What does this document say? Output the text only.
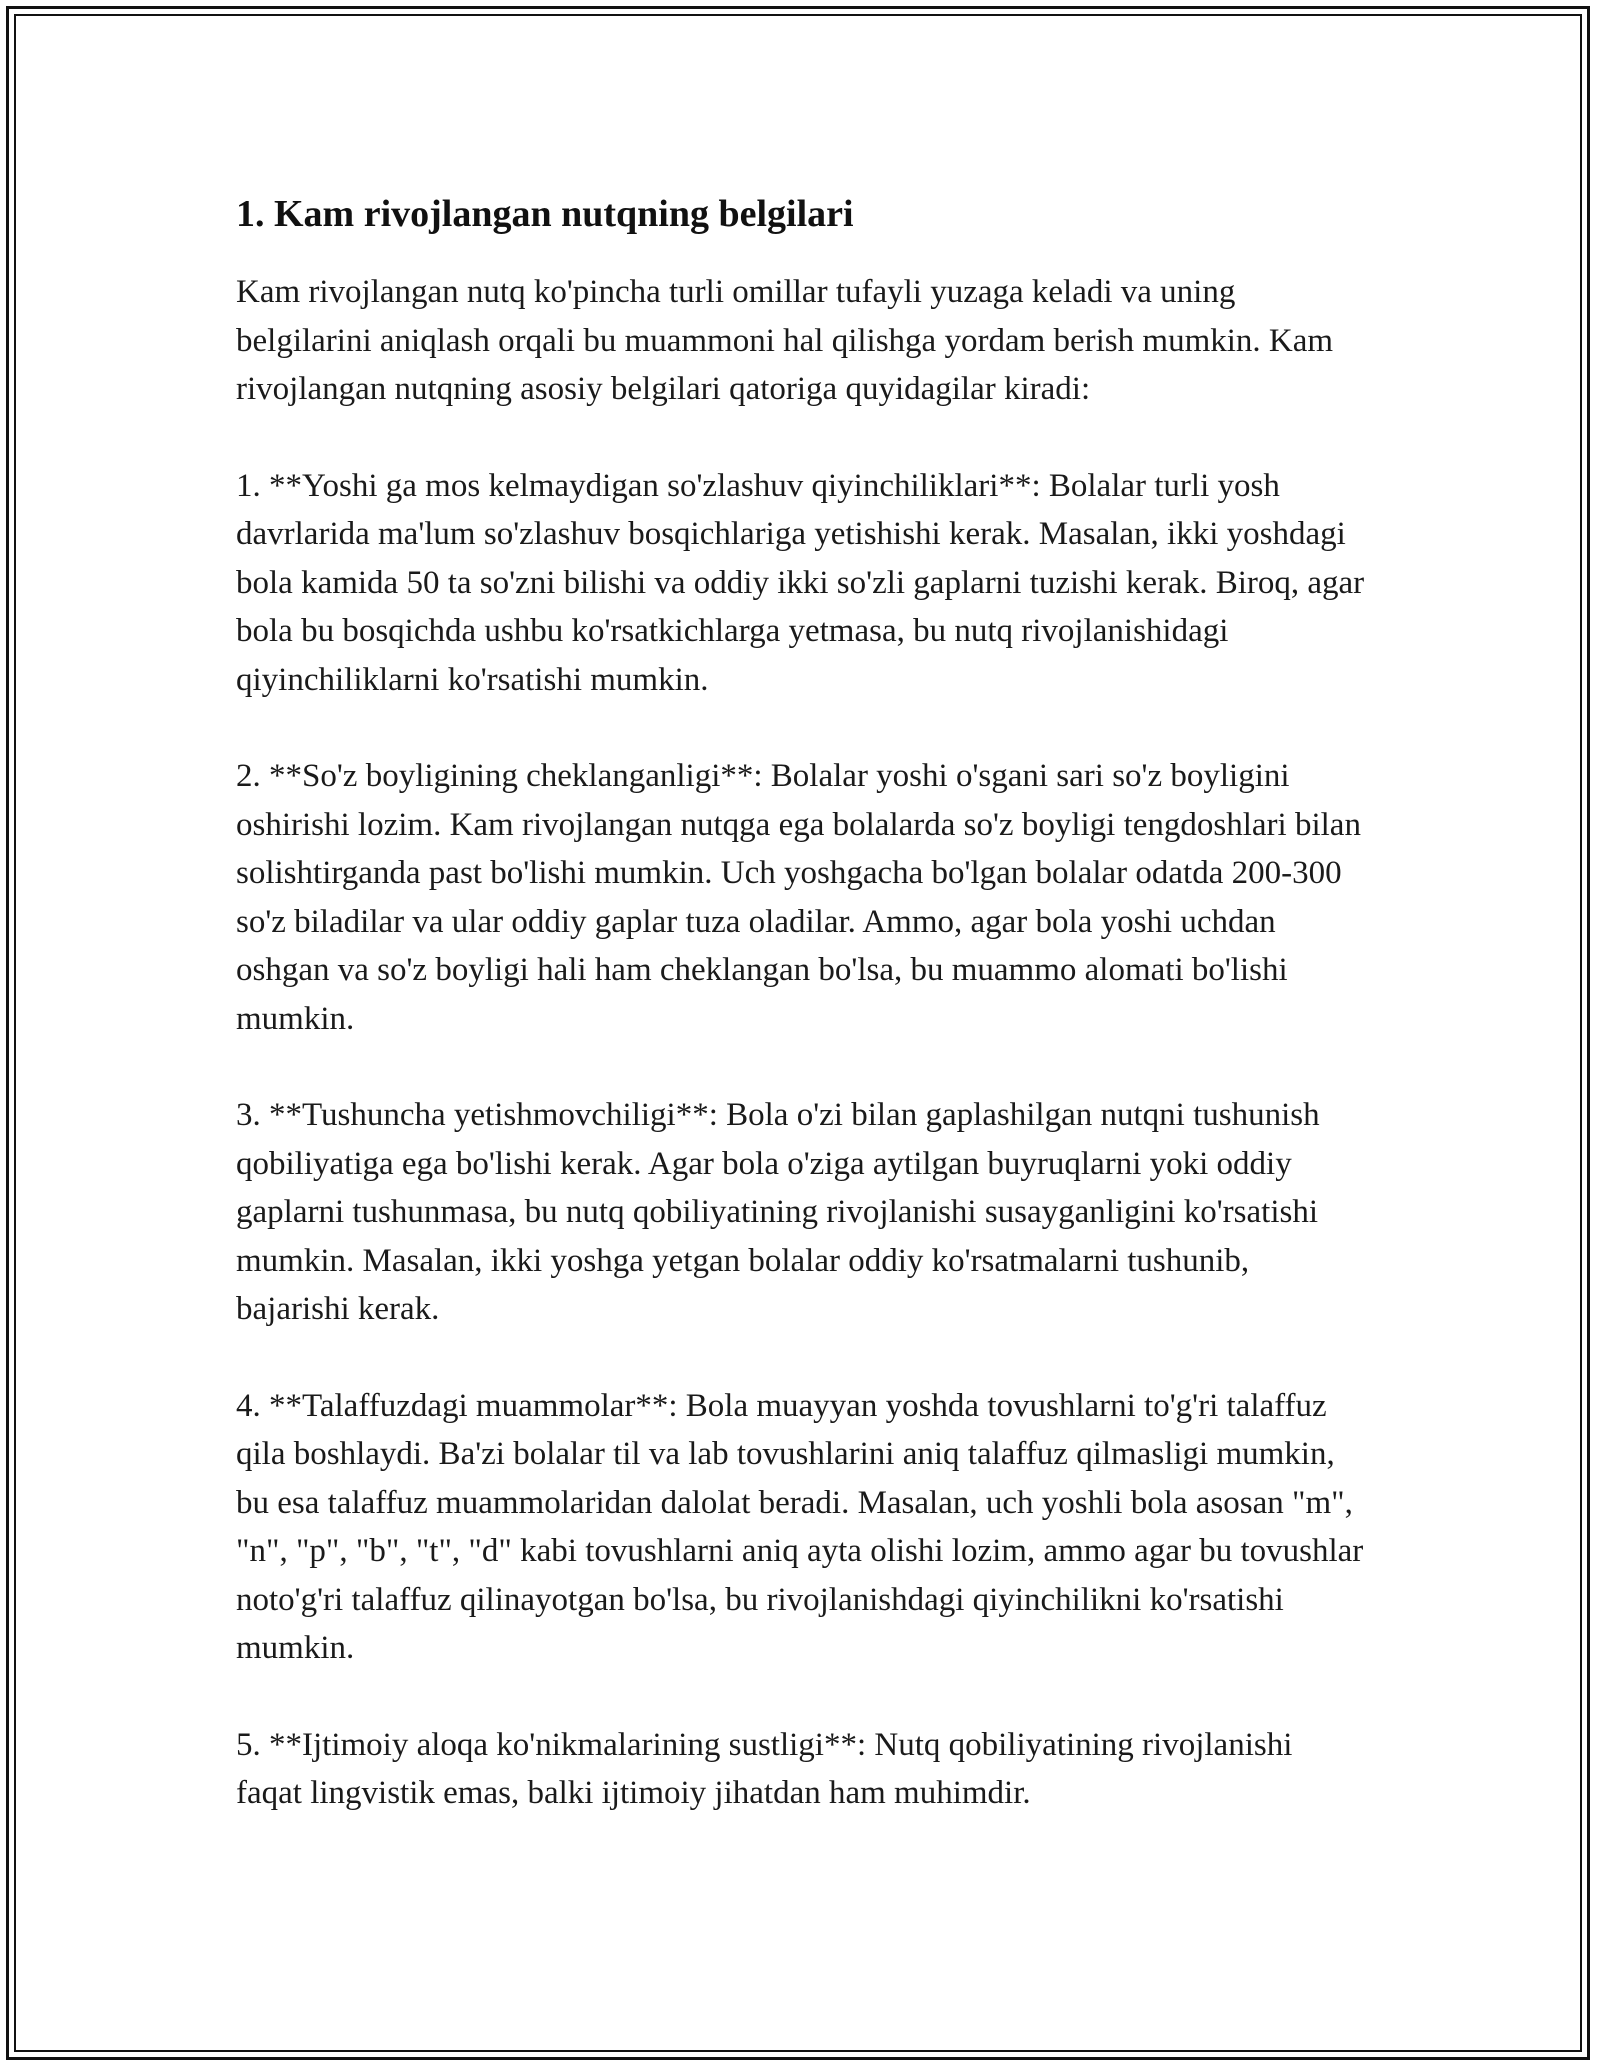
1. Kam rivojlangan nutqning belgilari

Kam rivojlangan nutq ko'pincha turli omillar tufayli yuzaga keladi va uning belgilarini aniqlash orqali bu muammoni hal qilishga yordam berish mumkin. Kam rivojlangan nutqning asosiy belgilari qatoriga quyidagilar kiradi:

1. **Yoshi ga mos kelmaydigan so'zlashuv qiyinchiliklari**: Bolalar turli yosh davrlarida ma'lum so'zlashuv bosqichlariga yetishishi kerak. Masalan, ikki yoshdagi bola kamida 50 ta so'zni bilishi va oddiy ikki so'zli gaplarni tuzishi kerak. Biroq, agar bola bu bosqichda ushbu ko'rsatkichlarga yetmasa, bu nutq rivojlanishidagi qiyinchiliklarni ko'rsatishi mumkin.

2. **So'z boyligining cheklanganligi**: Bolalar yoshi o'sgani sari so'z boyligini oshirishi lozim. Kam rivojlangan nutqga ega bolalarda so'z boyligi tengdoshlari bilan solishtirganda past bo'lishi mumkin. Uch yoshgacha bo'lgan bolalar odatda 200-300 so'z biladilar va ular oddiy gaplar tuza oladilar. Ammo, agar bola yoshi uchdan oshgan va so'z boyligi hali ham cheklangan bo'lsa, bu muammo alomati bo'lishi mumkin.

3. **Tushuncha yetishmovchiligi**: Bola o'zi bilan gaplashilgan nutqni tushunish qobiliyatiga ega bo'lishi kerak. Agar bola o'ziga aytilgan buyruqlarni yoki oddiy gaplarni tushunmasa, bu nutq qobiliyatining rivojlanishi susayganligini ko'rsatishi mumkin. Masalan, ikki yoshga yetgan bolalar oddiy ko'rsatmalarni tushunib, bajarishi kerak.

4. **Talaffuzdagi muammolar**: Bola muayyan yoshda tovushlarni to'g'ri talaffuz qila boshlaydi. Ba'zi bolalar til va lab tovushlarini aniq talaffuz qilmasligi mumkin, bu esa talaffuz muammolaridan dalolat beradi. Masalan, uch yoshli bola asosan "m", "n", "p", "b", "t", "d" kabi tovushlarni aniq ayta olishi lozim, ammo agar bu tovushlar noto'g'ri talaffuz qilinayotgan bo'lsa, bu rivojlanishdagi qiyinchilikni ko'rsatishi mumkin.

5. **Ijtimoiy aloqa ko'nikmalarining sustligi**: Nutq qobiliyatining rivojlanishi faqat lingvistik emas, balki ijtimoiy jihatdan ham muhimdir.
